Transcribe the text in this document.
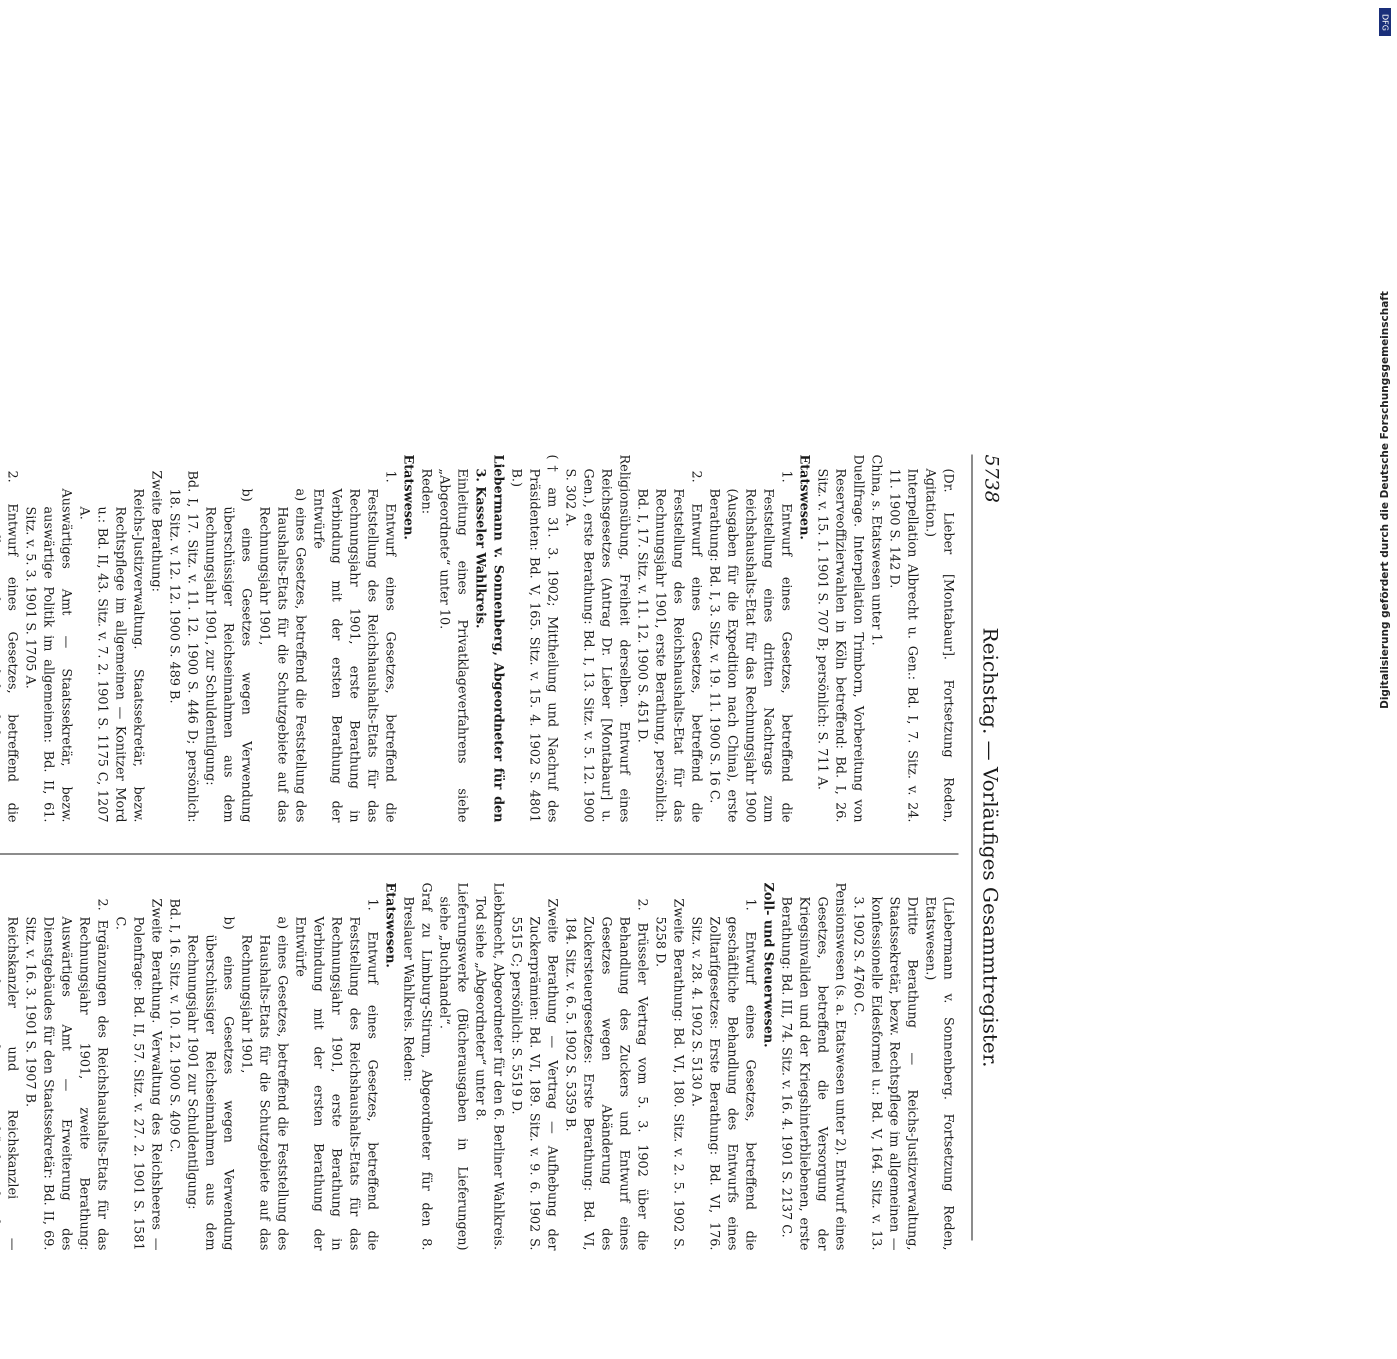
5738
Reichstag. — Vorläufiges Gesammtregister.

(Dr. Lieber [Montabaur]. Fortsetzung Reden, Agitation.)

Interpellation Albrecht u. Gen.: Bd. I, 7. Sitz. v. 24. 11. 1900 S. 142 D.

China, s. Etatswesen unter 1.

Duellfrage. Interpellation Trimborn, Vorbereitung von Reserveoffizierwahlen in Köln betreffend: Bd. I, 26. Sitz. v. 15. 1. 1901 S. 707 B; persönlich: S. 711 A.

Etatswesen.

1. Entwurf eines Gesetzes, betreffend die Feststellung eines dritten Nachtrags zum Reichshaushalts-Etat für das Rechnungsjahr 1900 (Ausgaben für die Expedition nach China), erste Berathung: Bd. I, 3. Sitz. v. 19. 11. 1900 S. 16 C.

2. Entwurf eines Gesetzes, betreffend die Feststellung des Reichshaushalts-Etat für das Rechnungsjahr 1901, erste Berathung, persönlich: Bd. I, 17. Sitz. v. 11. 12. 1900 S. 451 D.

Religionsübung, Freiheit derselben. Entwurf eines Reichsgesetzes (Antrag Dr. Lieber [Montabaur] u. Gen.), erste Berathung: Bd. I, 13. Sitz. v. 5. 12. 1900 S. 302 A.

(† am 31. 3. 1902; Mittheilung und Nachruf des Präsidenten: Bd. V, 165. Sitz. v. 15. 4. 1902 S. 4801 B.)

Liebermann v. Sonnenberg, Abgeordneter für den 3. Kasseler Wahlkreis.

Einleitung eines Privatklageverfahrens siehe „Abgeordnete“ unter 10.

Reden:

Etatswesen.

1. Entwurf eines Gesetzes, betreffend die Feststellung des Reichshaushalts-Etats für das Rechnungsjahr 1901, erste Berathung in Verbindung mit der ersten Berathung der Entwürfe

a) eines Gesetzes, betreffend die Feststellung des Haushalts-Etats für die Schutzgebiete auf das Rechnungsjahr 1901,

b) eines Gesetzes wegen Verwendung überschüssiger Reichseinnahmen aus dem Rechnungsjahr 1901, zur Schuldentilgung:

Bd. I, 17. Sitz. v. 11. 12. 1900 S. 446 D; persönlich: 18. Sitz. v. 12. 12. 1900 S. 489 B.

Zweite Berathung:

Reichs-Justizverwaltung. Staatssekretär, bezw. Rechtspflege im allgemeinen — Konitzer Mord u.: Bd. II, 43. Sitz. v. 7. 2. 1901 S. 1175 C, 1207 A.

Auswärtiges Amt — Staatssekretär, bezw. auswärtige Politik im allgemeinen: Bd. II, 61. Sitz. v. 5. 3. 1901 S. 1705 A.

2. Entwurf eines Gesetzes, betreffend die

(Liebermann v. Sonnenberg. Fortsetzung Reden, Etatswesen.)

Dritte Berathung — Reichs-Justizverwaltung, Staatssekretär, bezw. Rechtspflege im allgemeinen — konfessionelle Eidesformel u.: Bd. V, 164. Sitz. v. 13. 3. 1902 S. 4760 C.

Pensionswesen (s. a. Etatswesen unter 2). Entwurf eines Gesetzes, betreffend die Versorgung der Kriegsinvaliden und der Kriegshinterbliebenen, erste Berathung: Bd. III, 74. Sitz. v. 16. 4. 1901 S. 2137 C.

Zoll- und Steuerwesen.

1. Entwurf eines Gesetzes, betreffend die geschäftliche Behandlung des Entwurfs eines Zolltarifgesetzes: Erste Berathung: Bd. VI, 176. Sitz. v. 28. 4. 1902 S. 5130 A.

Zweite Berathung: Bd. VI, 180. Sitz. v. 2. 5. 1902 S. 5258 D.

2. Brüsseler Vertrag vom 5. 3. 1902 über die Behandlung des Zuckers und Entwurf eines Gesetzes wegen Abänderung des Zuckersteuergesetzes: Erste Berathung: Bd. VI, 184. Sitz. v. 6. 5. 1902 S. 5359 B.

Zweite Berathung — Vertrag — Aufhebung der Zuckerprämien: Bd. VI, 189. Sitz. v. 9. 6. 1902 S. 5515 C; persönlich: S. 5519 D.

Liebknecht, Abgeordneter für den 6. Berliner Wahlkreis.

Tod siehe „Abgeordneter“ unter 8.

Lieferungswerke (Bücherausgaben in Lieferungen) siehe „Buchhandel“.

Graf zu Limburg-Stirum, Abgeordneter für den 8. Breslauer Wahlkreis. Reden:

Etatswesen.

1. Entwurf eines Gesetzes, betreffend die Feststellung des Reichshaushalts-Etats für das Rechnungsjahr 1901, erste Berathung in Verbindung mit der ersten Berathung der Entwürfe

a) eines Gesetzes, betreffend die Feststellung des Haushalts-Etats für die Schutzgebiete auf das Rechnungsjahr 1901,

b) eines Gesetzes wegen Verwendung überschüssiger Reichseinnahmen aus dem Rechnungsjahr 1901 zur Schuldentilgung:

Bd. I, 16. Sitz. v. 10. 12. 1900 S. 409 C.

Zweite Berathung. Verwaltung des Reichsheeres — Polenfrage: Bd. II, 57. Sitz. v. 27. 2. 1901 S. 1581 C.

2. Ergänzungen des Reichshaushalts-Etats für das Rechnungsjahr 1901, zweite Berathung: Auswärtiges Amt — Erweiterung des Dienstgebäudes für den Staatssekretär: Bd. II, 69. Sitz. v. 16. 3. 1901 S. 1907 B.

Reichskanzler und Reichskanzlei —

DFG
Digitalisierung gefördert durch die Deutsche Forschungsgemeinschaft
